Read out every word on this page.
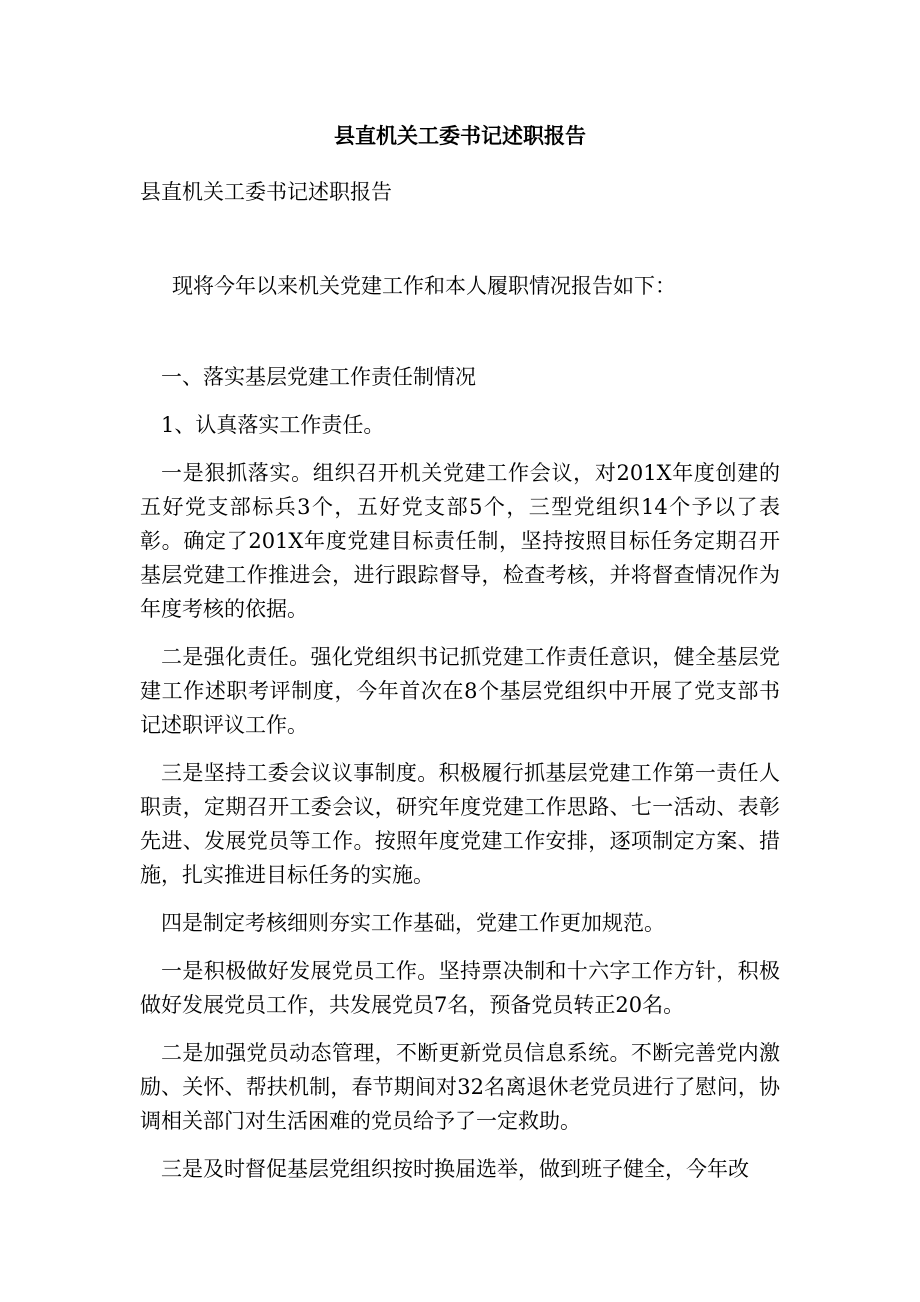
县直机关工委书记述职报告
县直机关工委书记述职报告
现将今年以来机关党建工作和本人履职情况报告如下：

一、落实基层党建工作责任制情况

1、认真落实工作责任。

一是狠抓落实。组织召开机关党建工作会议，对201X年度创建的五好党支部标兵3个，五好党支部5个，三型党组织14个予以了表彰。确定了201X年度党建目标责任制，坚持按照目标任务定期召开基层党建工作推进会，进行跟踪督导，检查考核，并将督查情况作为年度考核的依据。

二是强化责任。强化党组织书记抓党建工作责任意识，健全基层党建工作述职考评制度，今年首次在8个基层党组织中开展了党支部书记述职评议工作。

三是坚持工委会议议事制度。积极履行抓基层党建工作第一责任人职责，定期召开工委会议，研究年度党建工作思路、七一活动、表彰先进、发展党员等工作。按照年度党建工作安排，逐项制定方案、措施，扎实推进目标任务的实施。

四是制定考核细则夯实工作基础，党建工作更加规范。

一是积极做好发展党员工作。坚持票决制和十六字工作方针，积极做好发展党员工作，共发展党员7名，预备党员转正20名。

二是加强党员动态管理，不断更新党员信息系统。不断完善党内激励、关怀、帮扶机制，春节期间对32名离退休老党员进行了慰问，协调相关部门对生活困难的党员给予了一定救助。

三是及时督促基层党组织按时换届选举，做到班子健全，今年改
